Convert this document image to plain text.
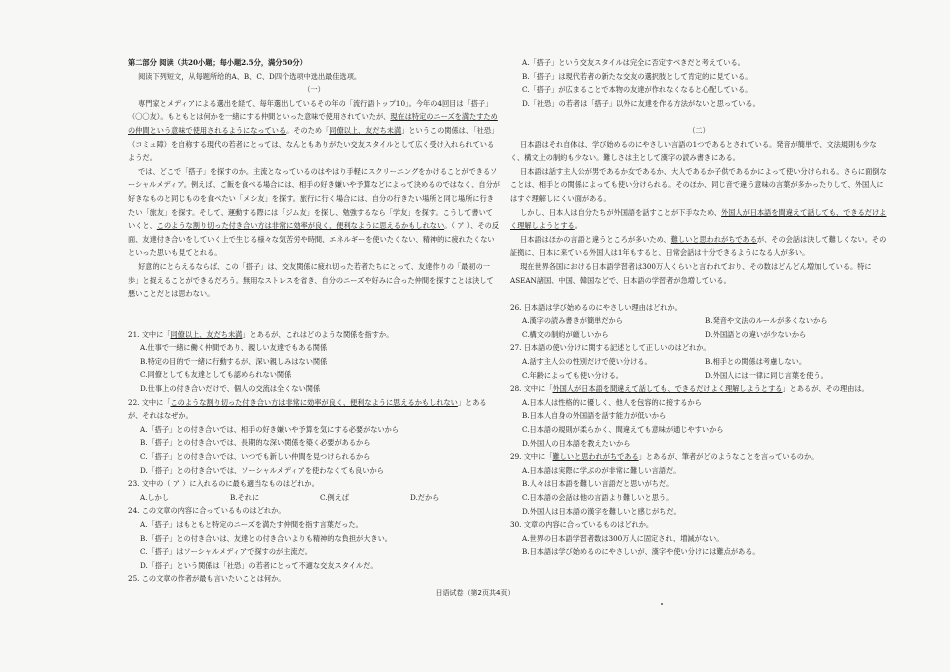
第二部分 阅读（共20小题；每小题2.5分，满分50分）
阅读下列短文，从每题所给的A、B、C、D四个选项中选出最佳选项。
（一）

専門家とメディアによる選出を経て、毎年選出しているその年の「流行語トップ10」。今年の4回目は「搭子」（〇〇友）。もともとは何かを一緒にする仲間といった意味で使用されていたが、現在は特定のニーズを満たすための仲間という意味で使用されるようになっている。そのため「同僚以上、友だち未満」というこの関係は、「社恐」（コミュ障）を自称する現代の若者にとっては、なんともありがたい交友スタイルとして広く受け入れられているようだ。

では、どこで「搭子」を探すのか。主流となっているのはやはり手軽にスクリーニングをかけることができるソーシャルメディア。例えば、ご飯を食べる場合には、相手の好き嫌いや予算などによって決めるのではなく、自分が好きなものと同じものを食べたい「メシ友」を探す。旅行に行く場合には、自分の行きたい場所と同じ場所に行きたい「旅友」を探す。そして、運動する際には「ジム友」を探し、勉強するなら「学友」を探す。こうして書いていくと、このような割り切った付き合い方は非常に効率が良く、便利なように思えるかもしれない。（ ア ）、その反面、友達付き合いをしていく上で生じる様々な気苦労や時間、エネルギーを使いたくない、精神的に疲れたくないといった思いも見てとれる。

好意的にとらえるならば、この「搭子」は、交友関係に疲れ切った若者たちにとって、友達作りの「最初の一歩」と捉えることができるだろう。無用なストレスを省き、自分のニーズや好みに合った仲間を探すことは決して悪いことだとは思わない。

21. 文中に「同僚以上、友だち未満」とあるが、これはどのような関係を指すか。
A.仕事で一緒に働く仲間であり、親しい友達でもある関係
B.特定の目的で一緒に行動するが、深い親しみはない関係
C.同僚としても友達としても認められない関係
D.仕事上の付き合いだけで、個人の交流は全くない関係
22. 文中に「このような割り切った付き合い方は非常に効率が良く、便利なように思えるかもしれない」とあるが、それはなぜか。
A.「搭子」との付き合いでは、相手の好き嫌いや予算を気にする必要がないから
B.「搭子」との付き合いでは、長期的な深い関係を築く必要があるから
C.「搭子」との付き合いでは、いつでも新しい仲間を見つけられるから
D.「搭子」との付き合いでは、ソーシャルメディアを使わなくても良いから
23. 文中の（ ア ）に入れるのに最も適当なものはどれか。
A.しかし	B.それに	C.例えば	D.だから
24. この文章の内容に合っているものはどれか。
A.「搭子」はもともと特定のニーズを満たす仲間を指す言葉だった。
B.「搭子」との付き合いは、友達との付き合いよりも精神的な負担が大きい。
C.「搭子」はソーシャルメディアで探すのが主流だ。
D.「搭子」という関係は「社恐」の若者にとって不適な交友スタイルだ。
25. この文章の作者が最も言いたいことは何か。
A.「搭子」という交友スタイルは完全に否定すべきだと考えている。
B.「搭子」は現代若者の新たな交友の選択肢として肯定的に見ている。
C.「搭子」が広まることで本物の友達が作れなくなると心配している。
D.「社恐」の若者は「搭子」以外に友達を作る方法がないと思っている。
（二）

日本語はそれ自体は、学び始めるのにやさしい言語の1つであるとされている。発音が簡単で、文法規則も少なく、構文上の制約も少ない。難しさは主として漢字の読み書きにある。

日本語は話す主人公が男であるか女であるか、大人であるか子供であるかによって使い分けられる。さらに面倒なことは、相手との関係によっても使い分けられる。そのほか、同じ音で違う意味の言葉が多かったりして、外国人にはすぐ理解しにくい面がある。

しかし、日本人は自分たちが外国語を話すことが下手なため、外国人が日本語を間違えて話しても、できるだけよく理解しようとする。

日本語はほかの言語と違うところが多いため、難しいと思われがちであるが、その会話は決して難しくない。その証拠に、日本に来ている外国人は1年もすると、日常会話は十分できるようになる人が多い。

現在世界各国における日本語学習者は300万人くらいと言われており、その数はどんどん増加している。特にASEAN諸国、中国、韓国などで、日本語の学習者が急増している。

26. 日本語は学び始めるのにやさしい理由はどれか。
A.漢字の読み書きが簡単だから	B.発音や文法のルールが多くないから
C.構文の制約が厳しいから	D.外国語との違いが少ないから
27. 日本語の使い分けに関する記述として正しいのはどれか。
A.話す主人公の性別だけで使い分ける。	B.相手との関係は考慮しない。
C.年齢によっても使い分ける。	D.外国人には一律に同じ言葉を使う。
28. 文中に「外国人が日本語を間違えて話しても、できるだけよく理解しようとする」とあるが、その理由は。
A.日本人は性格的に優しく、他人を包容的に接するから
B.日本人自身の外国語を話す能力が低いから
C.日本語の規則が柔らかく、間違えても意味が通じやすいから
D.外国人の日本語を教えたいから
29. 文中に「難しいと思われがちである」とあるが、筆者がどのようなことを言っているのか。
A.日本語は実際に学ぶのが非常に難しい言語だ。
B.人々は日本語を難しい言語だと思いがちだ。
C.日本語の会話は他の言語より難しいと思う。
D.外国人は日本語の漢字を難しいと感じがちだ。
30. 文章の内容に合っているものはどれか。
A.世界の日本語学習者数は300万人に固定され、増減がない。
B.日本語は学び始めるのにやさしいが、漢字や使い分けには難点がある。
日语试卷（第2页共4页）
